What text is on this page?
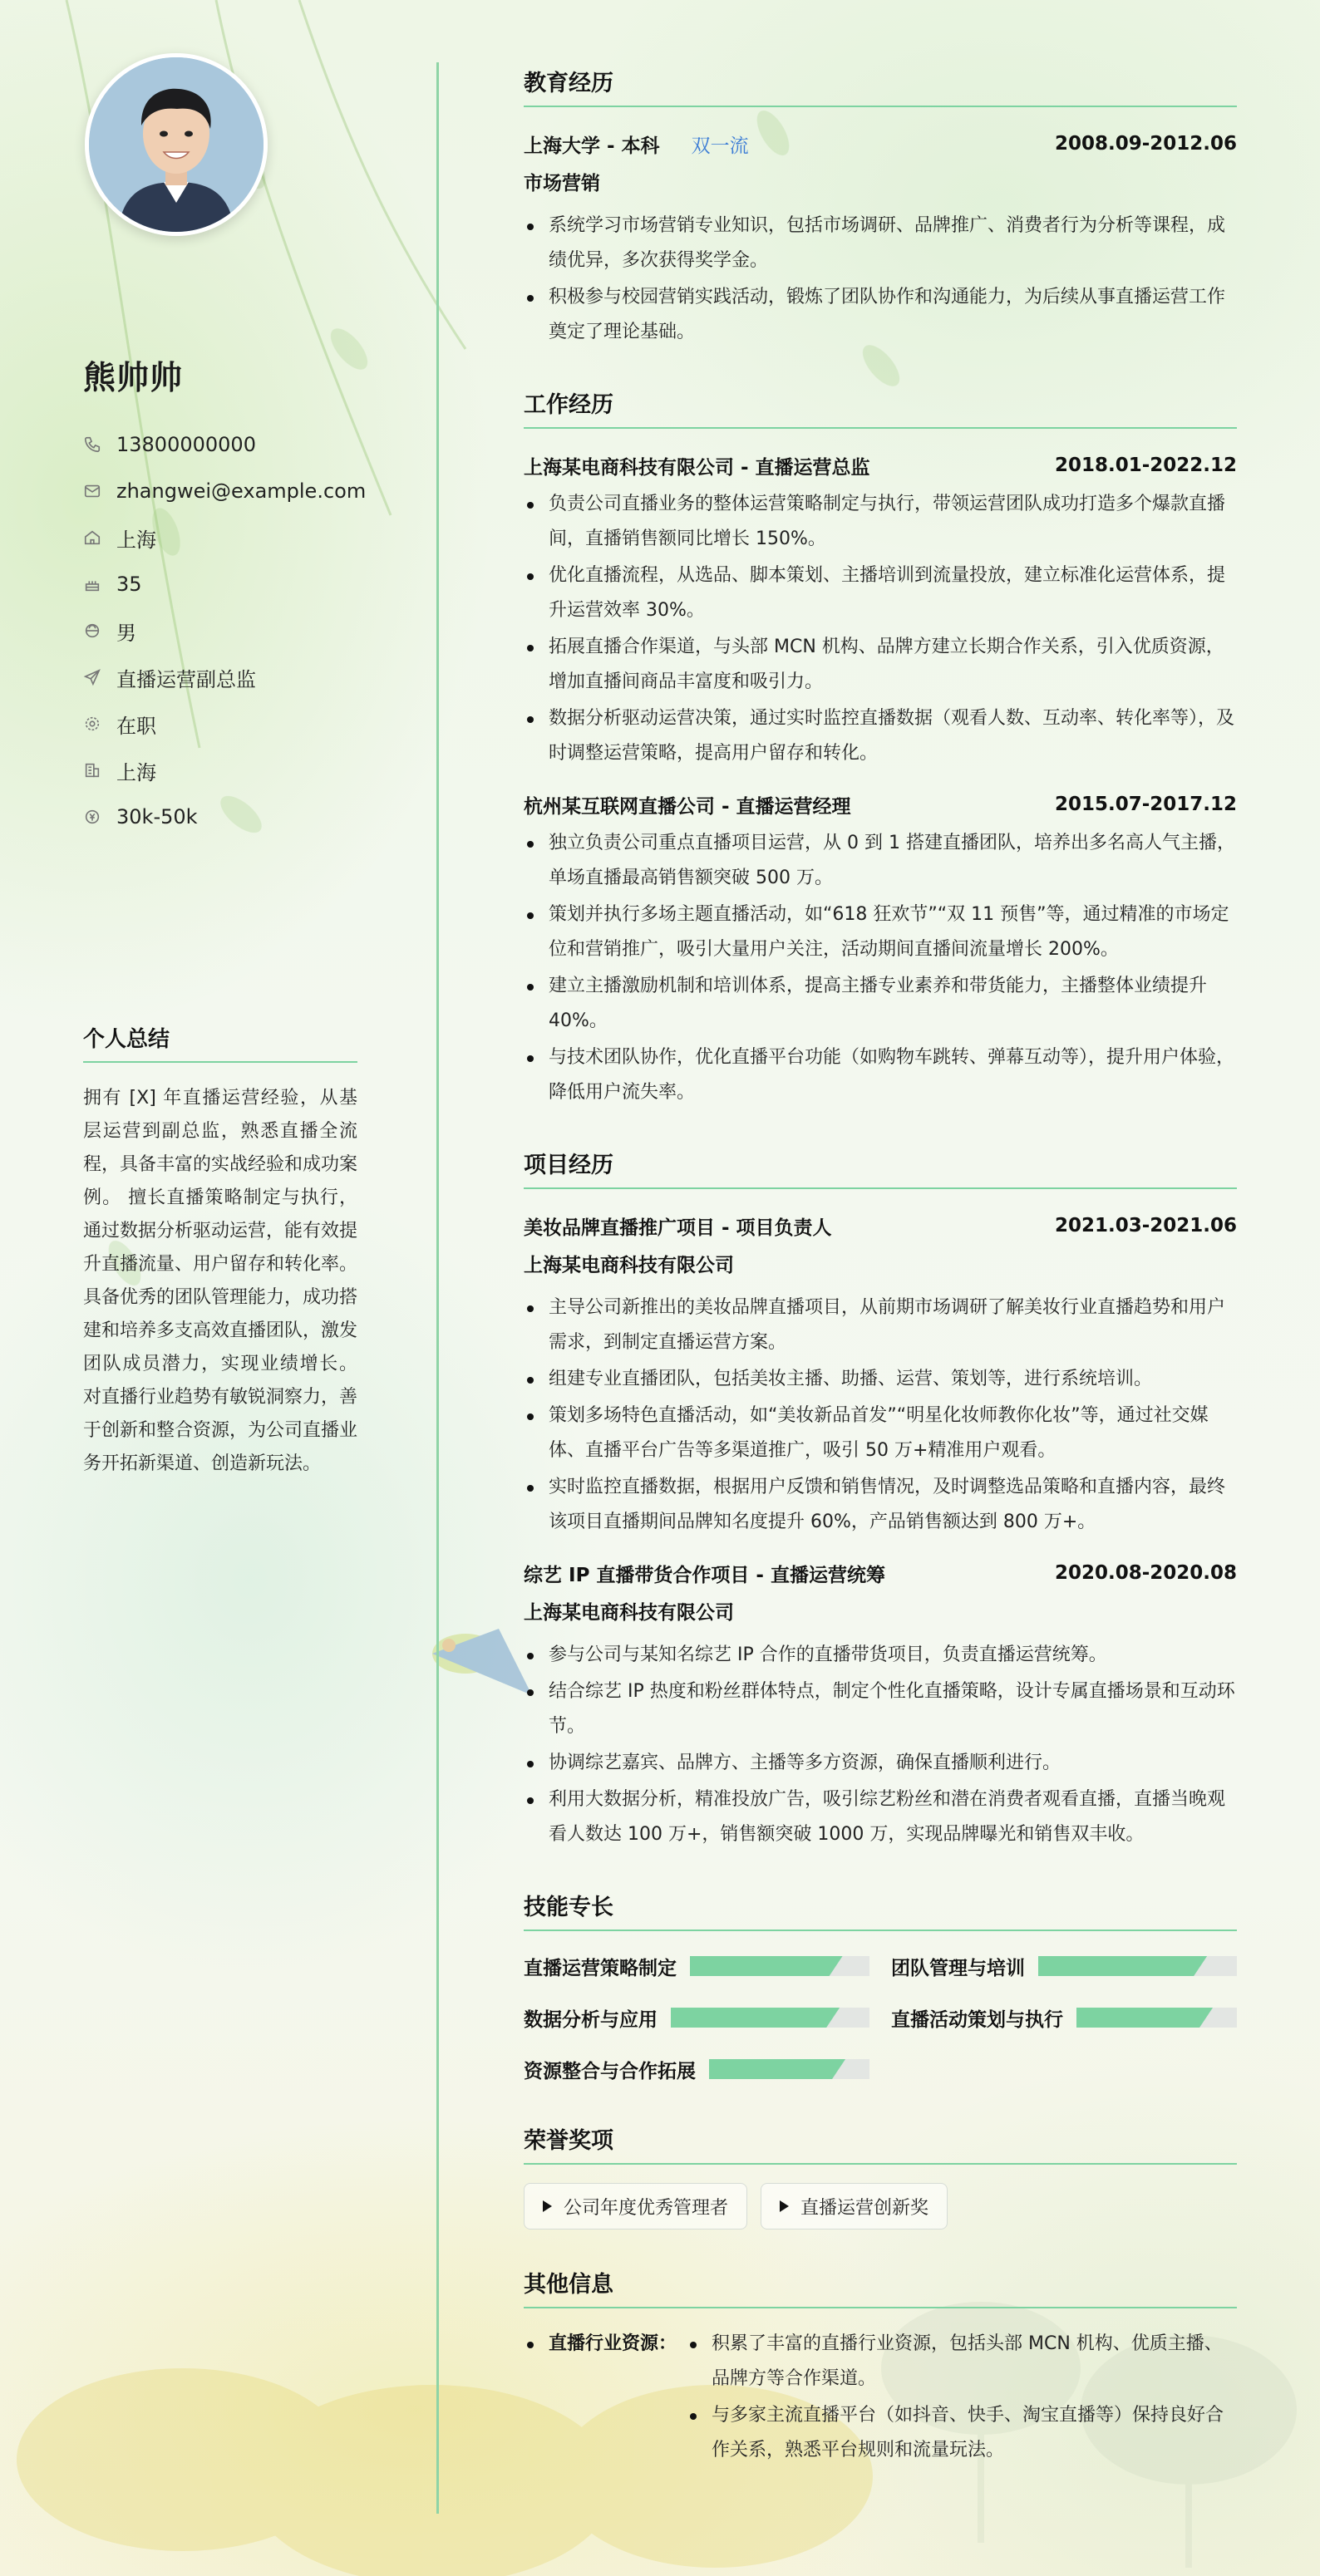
熊帅帅
13800000000
zhangwei@example.com
上海
35
男
直播运营副总监
在职
上海
30k-50k
个人总结
拥有 [X] 年直播运营经验，从基层运营到副总监，熟悉直播全流程，具备丰富的实战经验和成功案例。 擅长直播策略制定与执行，通过数据分析驱动运营，能有效提升直播流量、用户留存和转化率。 具备优秀的团队管理能力，成功搭建和培养多支高效直播团队，激发团队成员潜力，实现业绩增长。 对直播行业趋势有敏锐洞察力，善于创新和整合资源，为公司直播业务开拓新渠道、创造新玩法。
教育经历
上海大学 - 本科 双一流	2008.09-2012.06
市场营销
系统学习市场营销专业知识，包括市场调研、品牌推广、消费者行为分析等课程，成绩优异，多次获得奖学金。
积极参与校园营销实践活动，锻炼了团队协作和沟通能力，为后续从事直播运营工作奠定了理论基础。
工作经历
上海某电商科技有限公司 - 直播运营总监	2018.01-2022.12
负责公司直播业务的整体运营策略制定与执行，带领运营团队成功打造多个爆款直播间，直播销售额同比增长 150%。
优化直播流程，从选品、脚本策划、主播培训到流量投放，建立标准化运营体系，提升运营效率 30%。
拓展直播合作渠道，与头部 MCN 机构、品牌方建立长期合作关系，引入优质资源，增加直播间商品丰富度和吸引力。
数据分析驱动运营决策，通过实时监控直播数据（观看人数、互动率、转化率等），及时调整运营策略，提高用户留存和转化。
杭州某互联网直播公司 - 直播运营经理	2015.07-2017.12
独立负责公司重点直播项目运营，从 0 到 1 搭建直播团队，培养出多名高人气主播，单场直播最高销售额突破 500 万。
策划并执行多场主题直播活动，如“618 狂欢节”“双 11 预售”等，通过精准的市场定位和营销推广，吸引大量用户关注，活动期间直播间流量增长 200%。
建立主播激励机制和培训体系，提高主播专业素养和带货能力，主播整体业绩提升 40%。
与技术团队协作，优化直播平台功能（如购物车跳转、弹幕互动等），提升用户体验，降低用户流失率。
项目经历
美妆品牌直播推广项目 - 项目负责人	2021.03-2021.06
上海某电商科技有限公司
主导公司新推出的美妆品牌直播项目，从前期市场调研了解美妆行业直播趋势和用户需求，到制定直播运营方案。
组建专业直播团队，包括美妆主播、助播、运营、策划等，进行系统培训。
策划多场特色直播活动，如“美妆新品首发”“明星化妆师教你化妆”等，通过社交媒体、直播平台广告等多渠道推广，吸引 50 万+精准用户观看。
实时监控直播数据，根据用户反馈和销售情况，及时调整选品策略和直播内容，最终该项目直播期间品牌知名度提升 60%，产品销售额达到 800 万+。
综艺 IP 直播带货合作项目 - 直播运营统筹	2020.08-2020.08
上海某电商科技有限公司
参与公司与某知名综艺 IP 合作的直播带货项目，负责直播运营统筹。
结合综艺 IP 热度和粉丝群体特点，制定个性化直播策略，设计专属直播场景和互动环节。
协调综艺嘉宾、品牌方、主播等多方资源，确保直播顺利进行。
利用大数据分析，精准投放广告，吸引综艺粉丝和潜在消费者观看直播，直播当晚观看人数达 100 万+，销售额突破 1000 万，实现品牌曝光和销售双丰收。
技能专长
直播运营策略制定	团队管理与培训
数据分析与应用	直播活动策划与执行
资源整合与合作拓展
荣誉奖项
公司年度优秀管理者	直播运营创新奖
其他信息
直播行业资源：	积累了丰富的直播行业资源，包括头部 MCN 机构、优质主播、品牌方等合作渠道。
与多家主流直播平台（如抖音、快手、淘宝直播等）保持良好合作关系，熟悉平台规则和流量玩法。
